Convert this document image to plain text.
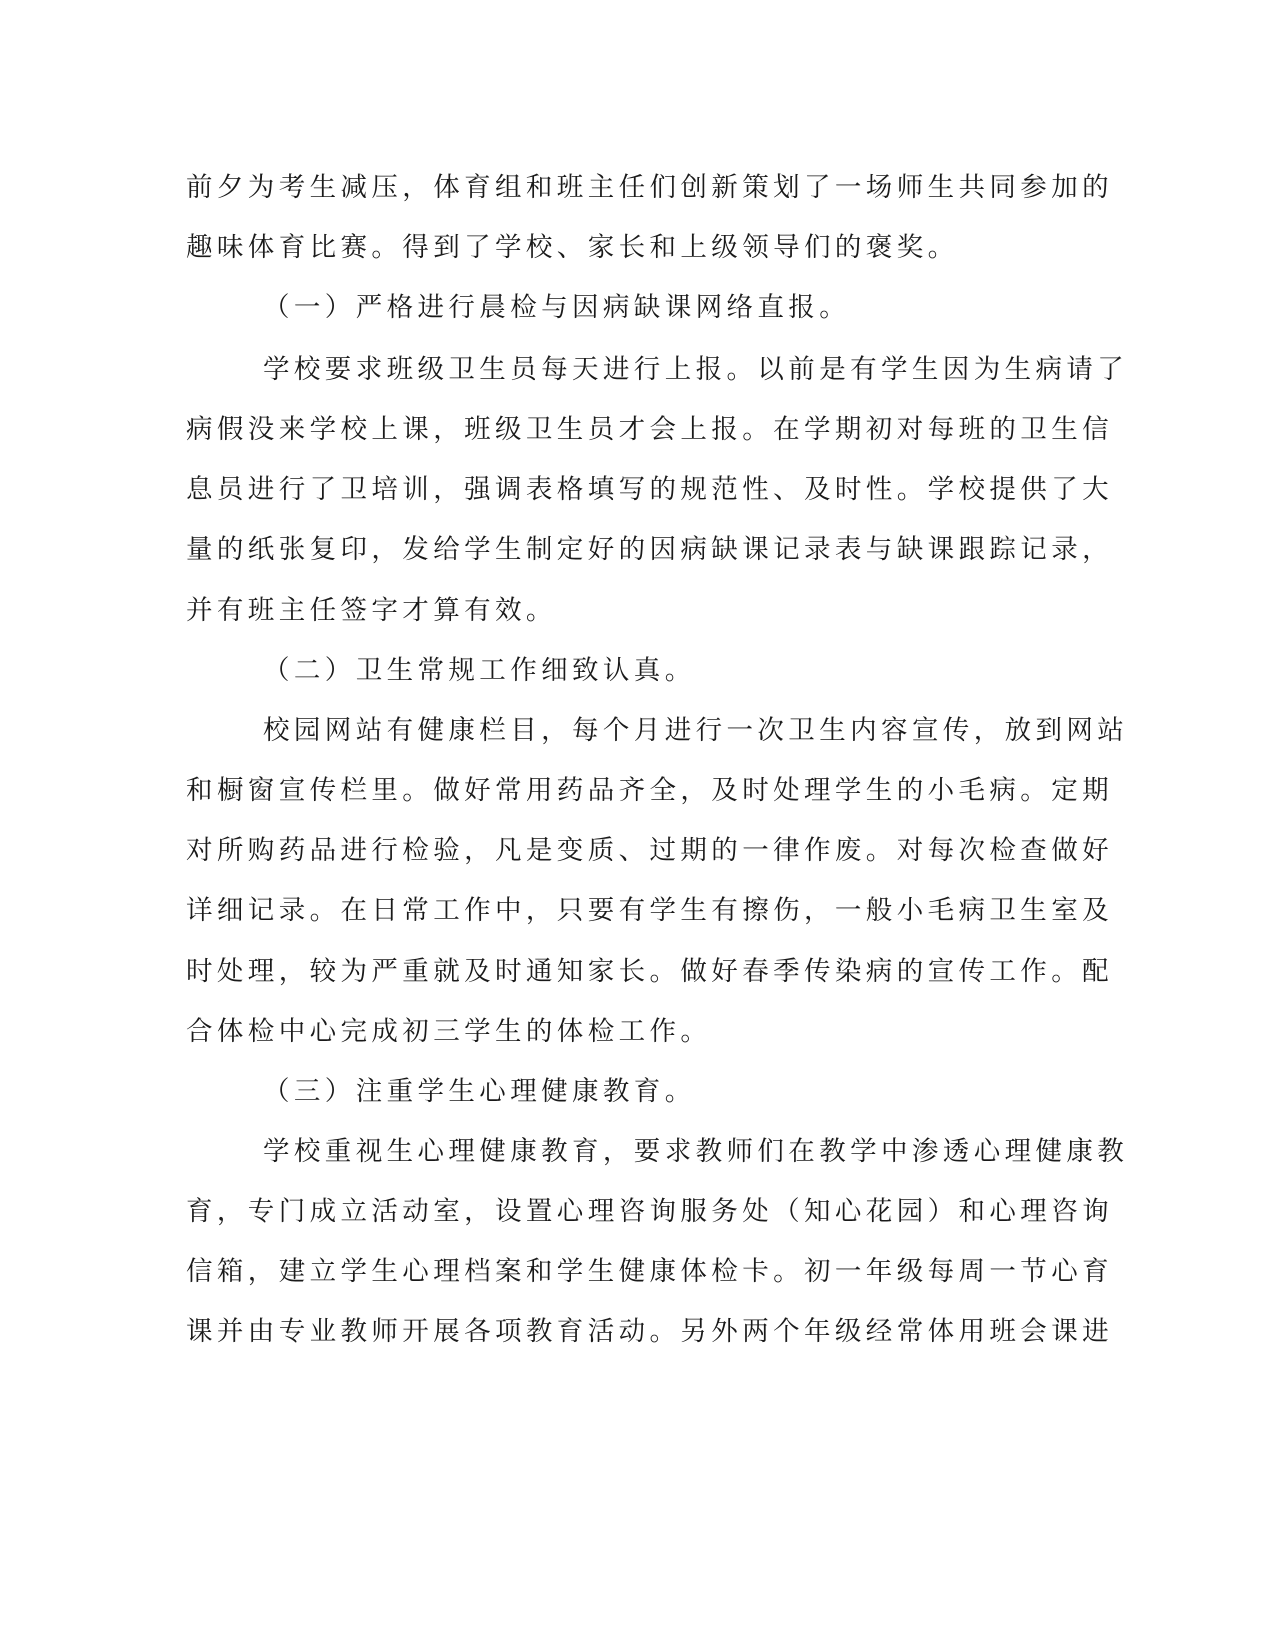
前夕为考生减压，体育组和班主任们创新策划了一场师生共同参加的
趣味体育比赛。得到了学校、家长和上级领导们的褒奖。
（一）严格进行晨检与因病缺课网络直报。
学校要求班级卫生员每天进行上报。以前是有学生因为生病请了
病假没来学校上课，班级卫生员才会上报。在学期初对每班的卫生信
息员进行了卫培训，强调表格填写的规范性、及时性。学校提供了大
量的纸张复印，发给学生制定好的因病缺课记录表与缺课跟踪记录，
并有班主任签字才算有效。
（二）卫生常规工作细致认真。
校园网站有健康栏目，每个月进行一次卫生内容宣传，放到网站
和橱窗宣传栏里。做好常用药品齐全，及时处理学生的小毛病。定期
对所购药品进行检验，凡是变质、过期的一律作废。对每次检查做好
详细记录。在日常工作中，只要有学生有擦伤，一般小毛病卫生室及
时处理，较为严重就及时通知家长。做好春季传染病的宣传工作。配
合体检中心完成初三学生的体检工作。
（三）注重学生心理健康教育。
学校重视生心理健康教育，要求教师们在教学中渗透心理健康教
育，专门成立活动室，设置心理咨询服务处（知心花园）和心理咨询
信箱，建立学生心理档案和学生健康体检卡。初一年级每周一节心育
课并由专业教师开展各项教育活动。另外两个年级经常体用班会课进
